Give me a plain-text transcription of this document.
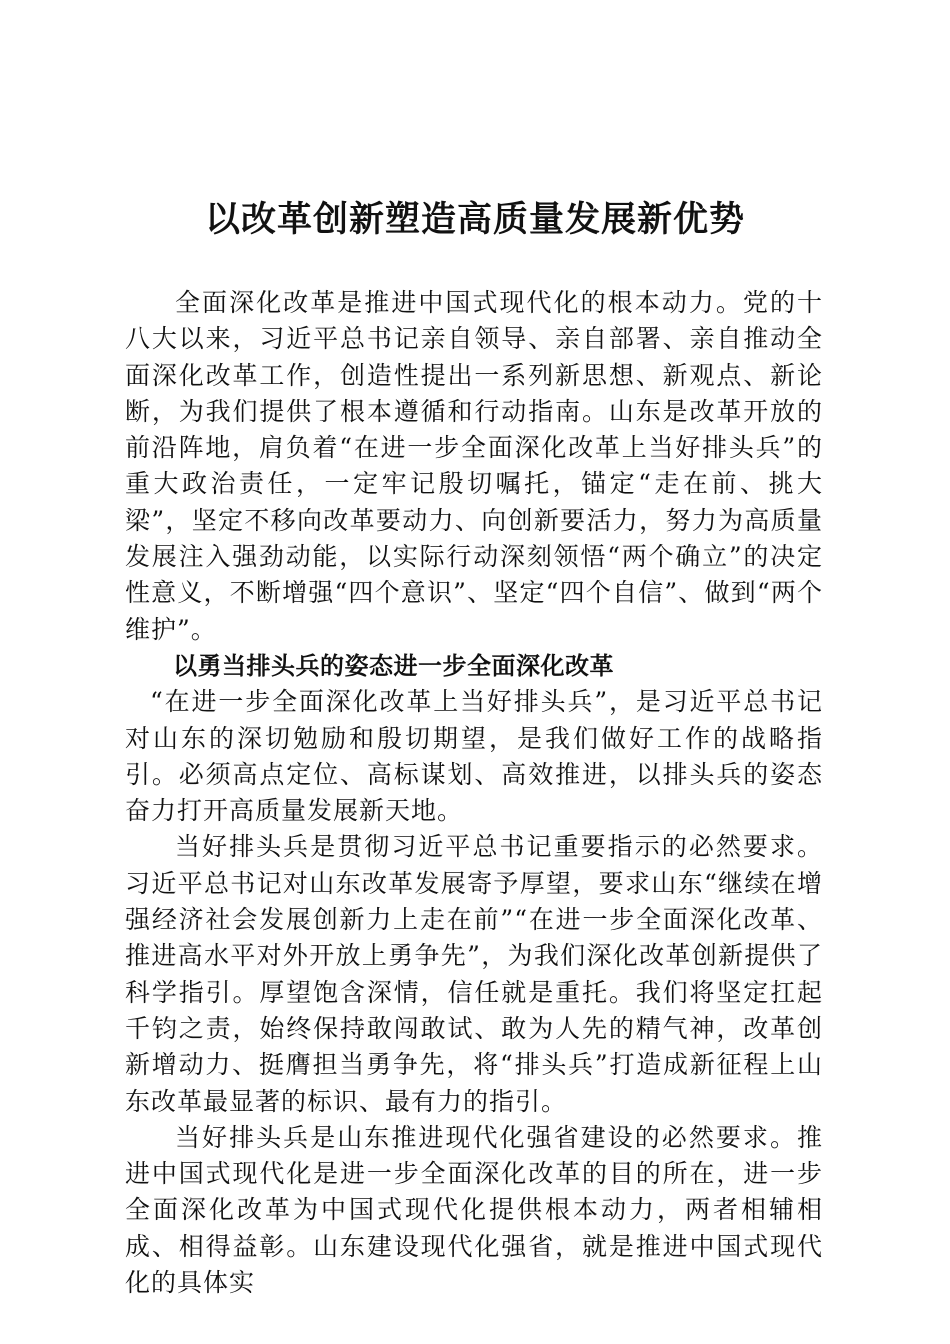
以改革创新塑造高质量发展新优势

全面深化改革是推进中国式现代化的根本动力。党的十八大以来，习近平总书记亲自领导、亲自部署、亲自推动全面深化改革工作，创造性提出一系列新思想、新观点、新论断，为我们提供了根本遵循和行动指南。山东是改革开放的前沿阵地，肩负着“在进一步全面深化改革上当好排头兵”的重大政治责任，一定牢记殷切嘱托，锚定“走在前、挑大梁”，坚定不移向改革要动力、向创新要活力，努力为高质量发展注入强劲动能，以实际行动深刻领悟“两个确立”的决定性意义，不断增强“四个意识”、坚定“四个自信”、做到“两个维护”。

以勇当排头兵的姿态进一步全面深化改革

“在进一步全面深化改革上当好排头兵”，是习近平总书记对山东的深切勉励和殷切期望，是我们做好工作的战略指引。必须高点定位、高标谋划、高效推进，以排头兵的姿态奋力打开高质量发展新天地。

当好排头兵是贯彻习近平总书记重要指示的必然要求。习近平总书记对山东改革发展寄予厚望，要求山东“继续在增强经济社会发展创新力上走在前”“在进一步全面深化改革、推进高水平对外开放上勇争先”，为我们深化改革创新提供了科学指引。厚望饱含深情，信任就是重托。我们将坚定扛起千钧之责，始终保持敢闯敢试、敢为人先的精气神，改革创新增动力、挺膺担当勇争先，将“排头兵”打造成新征程上山东改革最显著的标识、最有力的指引。

当好排头兵是山东推进现代化强省建设的必然要求。推进中国式现代化是进一步全面深化改革的目的所在，进一步全面深化改革为中国式现代化提供根本动力，两者相辅相成、相得益彰。山东建设现代化强省，就是推进中国式现代化的具体实
